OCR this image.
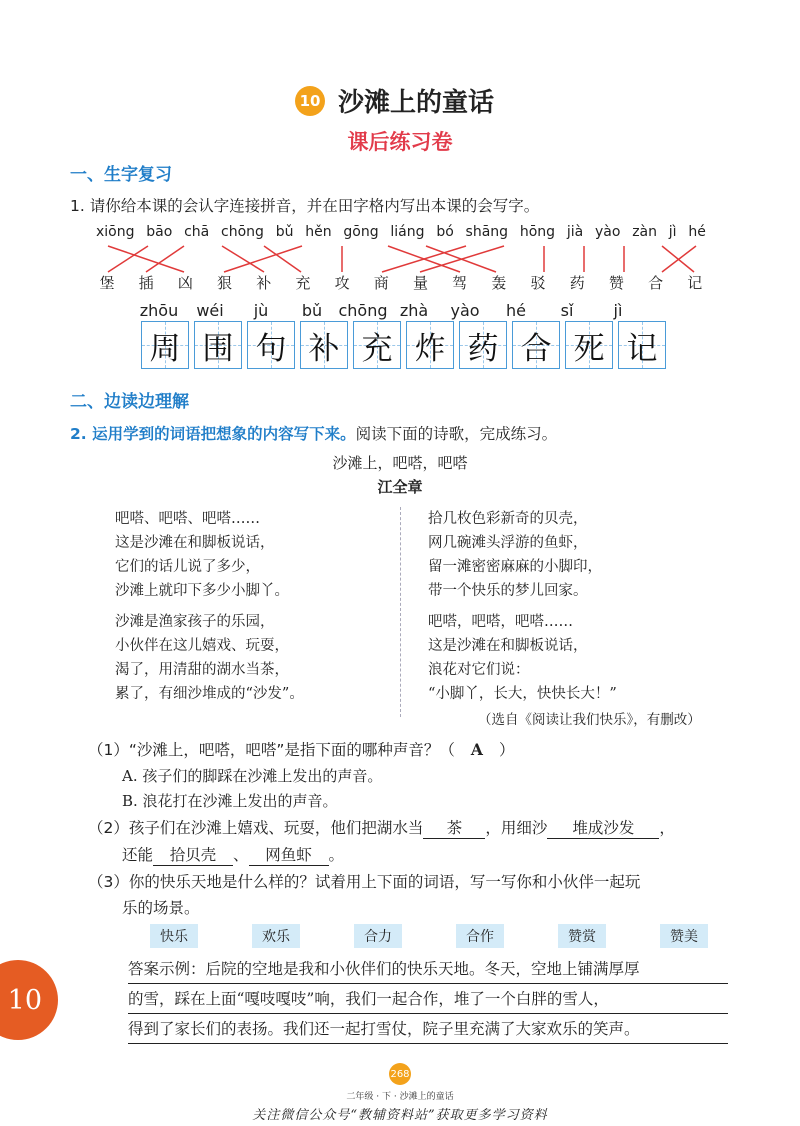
10 沙滩上的童话
课后练习卷
一、生字复习
1. 请你给本课的会认字连接拼音，并在田字格内写出本课的会写字。
xiōng bāo chā chōng bǔ hěn gōng liáng bó shāng hōng jià yào zàn jì hé
堡 插 凶 狠 补 充 攻 商 量 驾 轰 驳 药 赞 合 记
zhōu	wéi	jù	bǔ	chōng zhà	yào	hé	sǐ	jì
周 围 句 补 充 炸 药 合 死 记
二、边读边理解
2. 运用学到的词语把想象的内容写下来。阅读下面的诗歌，完成练习。
沙滩上，吧嗒，吧嗒
江全章
吧嗒、吧嗒、吧嗒……
这是沙滩在和脚板说话，
它们的话儿说了多少，
沙滩上就印下多少小脚丫。
沙滩是渔家孩子的乐园，
小伙伴在这儿嬉戏、玩耍，
渴了，用清甜的湖水当茶，
累了，有细沙堆成的“沙发”。
拾几枚色彩新奇的贝壳，
网几碗滩头浮游的鱼虾，
留一滩密密麻麻的小脚印，
带一个快乐的梦儿回家。
吧嗒，吧嗒，吧嗒……
这是沙滩在和脚板说话，
浪花对它们说：
“小脚丫，长大，快快长大！”
（选自《阅读让我们快乐》，有删改）
（1）“沙滩上，吧嗒，吧嗒”是指下面的哪种声音？（ A ）
A. 孩子们的脚踩在沙滩上发出的声音。
B. 浪花打在沙滩上发出的声音。
（2）孩子们在沙滩上嬉戏、玩耍，他们把湖水当 茶 ，用细沙 堆成沙发 ，
还能 拾贝壳 、 网鱼虾 。
（3）你的快乐天地是什么样的？试着用上下面的词语，写一写你和小伙伴一起玩
乐的场景。
快乐	欢乐	合力	合作	赞赏	赞美
答案示例：后院的空地是我和小伙伴们的快乐天地。冬天，空地上铺满厚厚
的雪，踩在上面“嘎吱嘎吱”响，我们一起合作，堆了一个白胖的雪人，
得到了家长们的表扬。我们还一起打雪仗，院子里充满了大家欢乐的笑声。
10
268
二年级 · 下 · 沙滩上的童话
关注微信公众号“教辅资料站”获取更多学习资料
